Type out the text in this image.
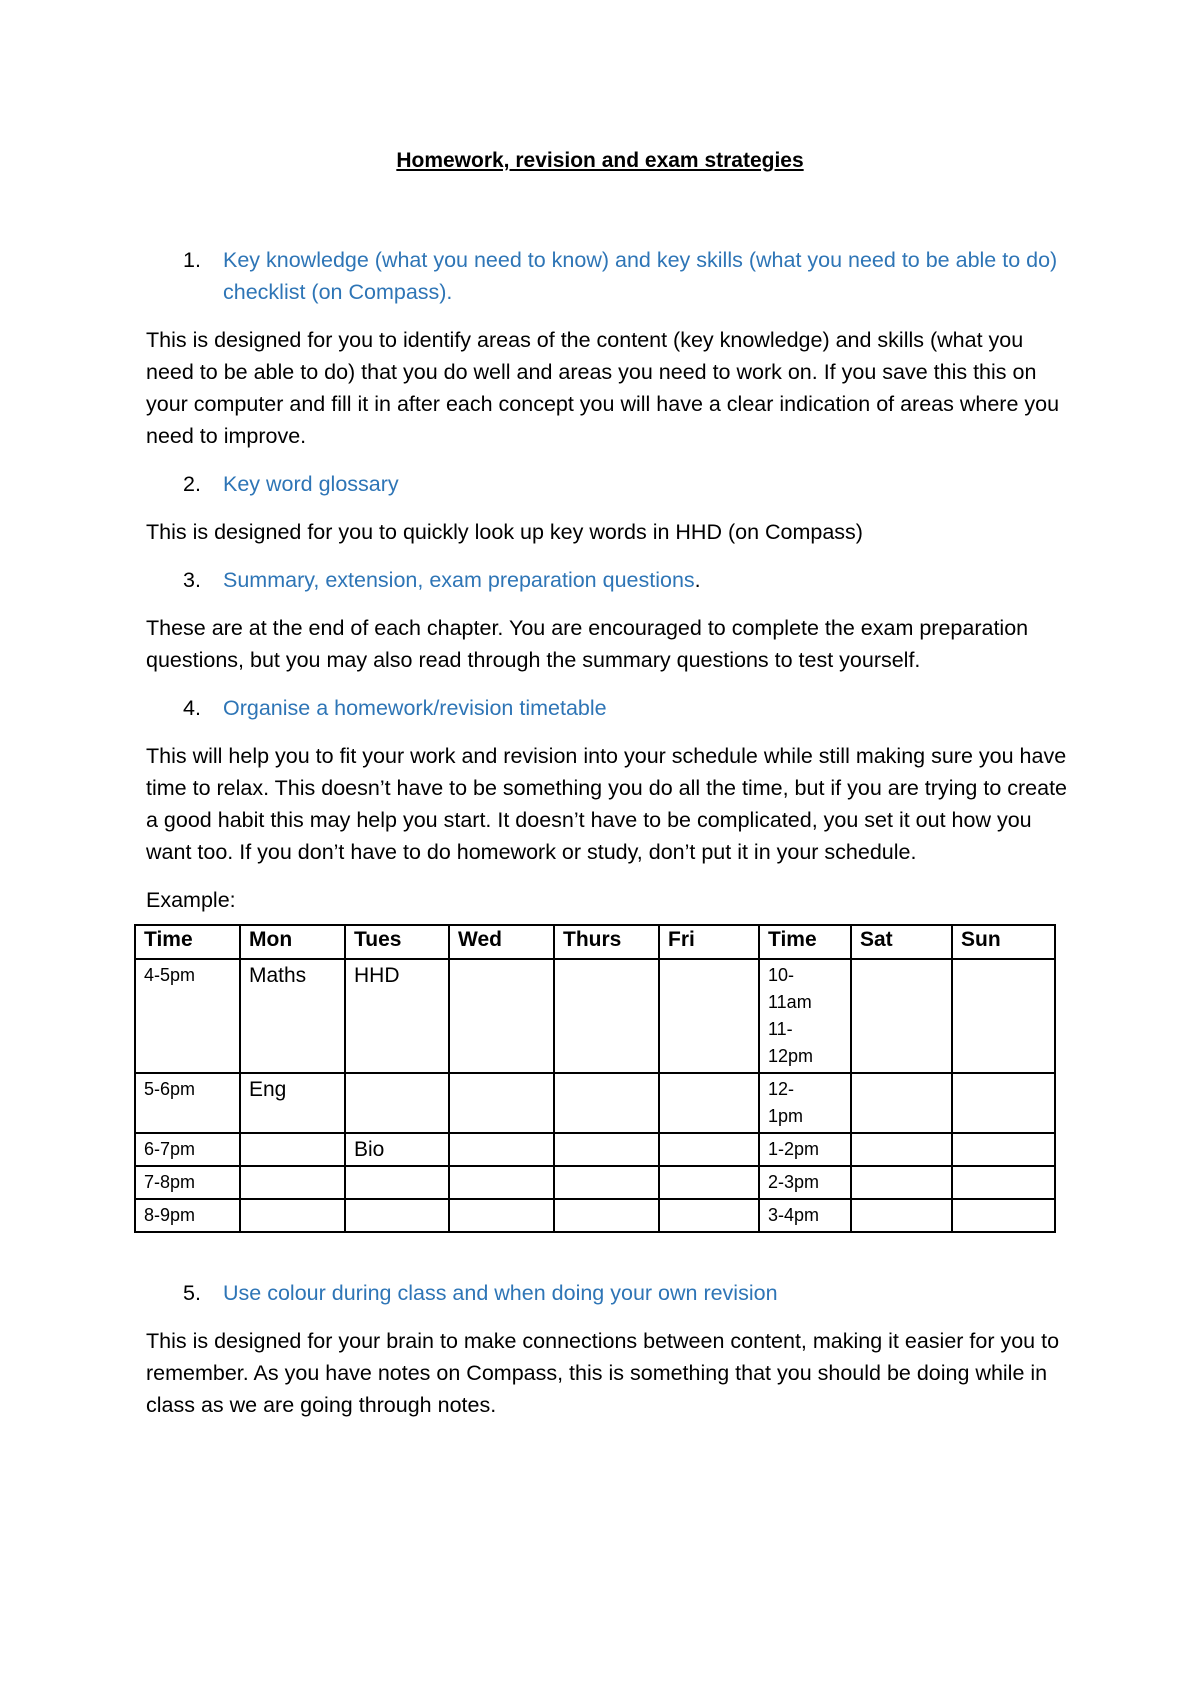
Homework, revision and exam strategies
1.	Key knowledge (what you need to know) and key skills (what you need to be able to do) checklist (on Compass).

This is designed for you to identify areas of the content (key knowledge) and skills (what you need to be able to do) that you do well and areas you need to work on. If you save this this on your computer and fill it in after each concept you will have a clear indication of areas where you need to improve.

2.	Key word glossary

This is designed for you to quickly look up key words in HHD (on Compass)

3.	Summary, extension, exam preparation questions.

These are at the end of each chapter. You are encouraged to complete the exam preparation questions, but you may also read through the summary questions to test yourself.

4.	Organise a homework/revision timetable

This will help you to fit your work and revision into your schedule while still making sure you have time to relax. This doesn’t have to be something you do all the time, but if you are trying to create a good habit this may help you start. It doesn’t have to be complicated, you set it out how you want too. If you don’t have to do homework or study, don’t put it in your schedule.

Example:

Time	Mon	Tues	Wed	Thurs	Fri	Time	Sat	Sun
4-5pm	Maths	HHD				10-
11am
11-
12pm		

5-6pm	Eng					12-
1pm		

6-7pm		Bio				1-2pm		
7-8pm						2-3pm		
8-9pm						3-4pm		
5.	Use colour during class and when doing your own revision

This is designed for your brain to make connections between content, making it easier for you to remember. As you have notes on Compass, this is something that you should be doing while in class as we are going through notes.
